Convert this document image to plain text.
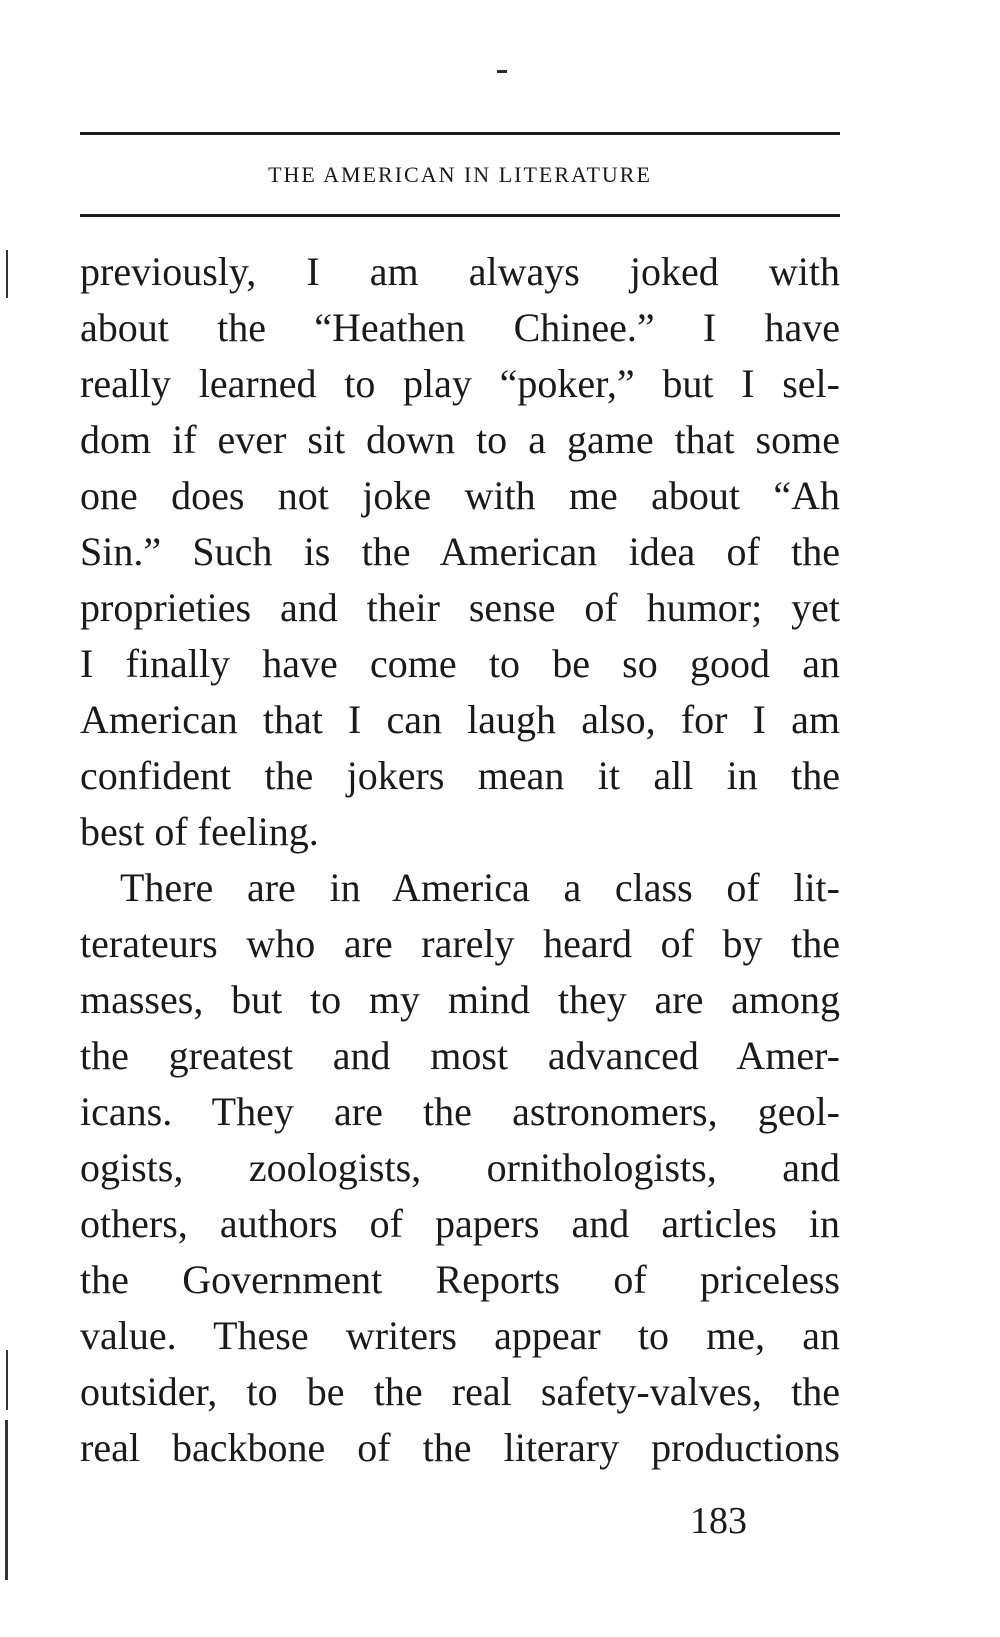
THE AMERICAN IN LITERATURE
previously, I am always joked with
about the “Heathen Chinee.” I have
really learned to play “poker,” but I sel-
dom if ever sit down to a game that some
one does not joke with me about “Ah
Sin.” Such is the American idea of the
proprieties and their sense of humor; yet
I finally have come to be so good an
American that I can laugh also, for I am
confident the jokers mean it all in the
best of feeling.
There are in America a class of lit-
terateurs who are rarely heard of by the
masses, but to my mind they are among
the greatest and most advanced Amer-
icans. They are the astronomers, geol-
ogists, zoologists, ornithologists, and
others, authors of papers and articles in
the Government Reports of priceless
value. These writers appear to me, an
outsider, to be the real safety-valves, the
real backbone of the literary productions
183
